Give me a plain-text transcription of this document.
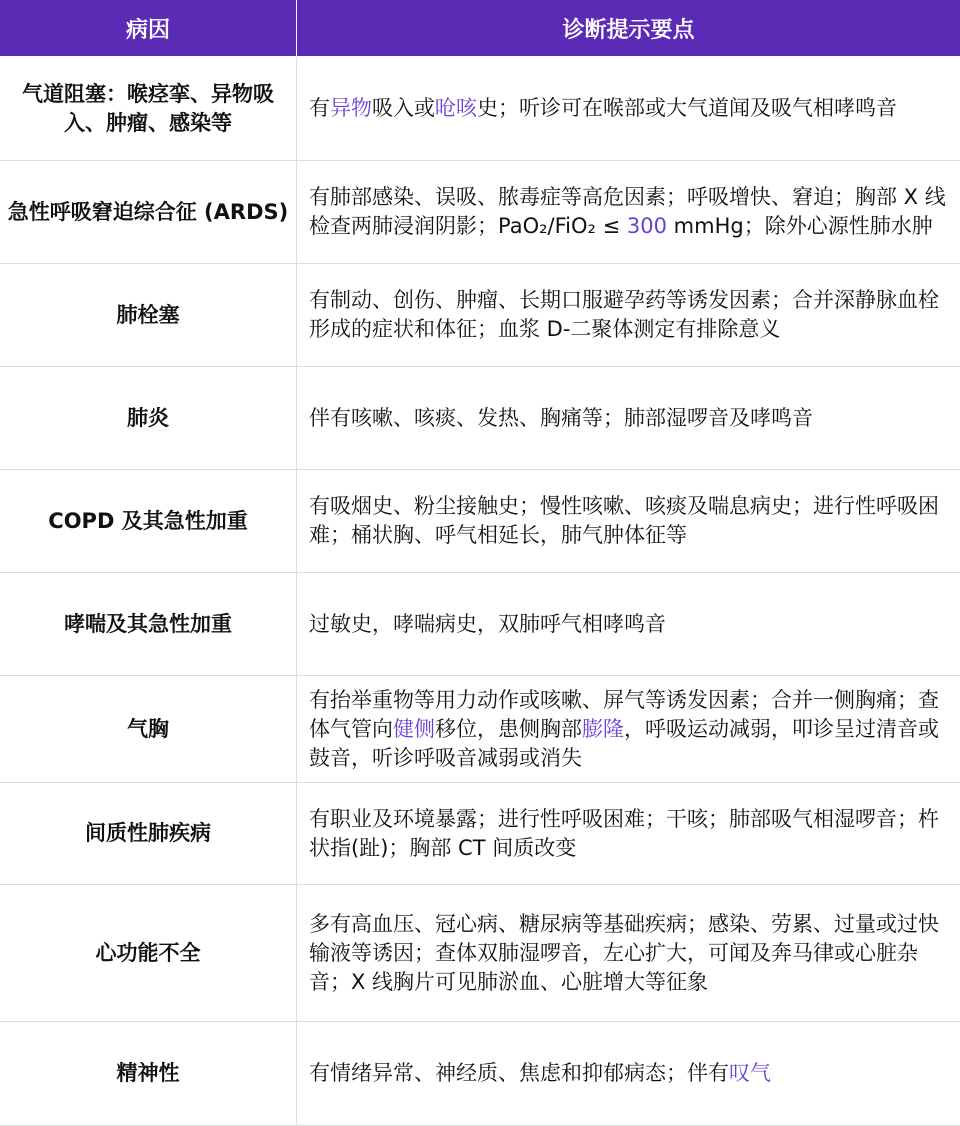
病因	诊断提示要点
气道阻塞：喉痉挛、异物吸入、肿瘤、感染等	有异物吸入或呛咳史；听诊可在喉部或大气道闻及吸气相哮鸣音
急性呼吸窘迫综合征 (ARDS)	有肺部感染、误吸、脓毒症等高危因素；呼吸增快、窘迫；胸部 X 线检查两肺浸润阴影；PaO₂/FiO₂ ≤ 300 mmHg；除外心源性肺水肿
肺栓塞	有制动、创伤、肿瘤、长期口服避孕药等诱发因素；合并深静脉血栓形成的症状和体征；血浆 D-二聚体测定有排除意义
肺炎	伴有咳嗽、咳痰、发热、胸痛等；肺部湿啰音及哮鸣音
COPD 及其急性加重	有吸烟史、粉尘接触史；慢性咳嗽、咳痰及喘息病史；进行性呼吸困难；桶状胸、呼气相延长，肺气肿体征等
哮喘及其急性加重	过敏史，哮喘病史，双肺呼气相哮鸣音
气胸	有抬举重物等用力动作或咳嗽、屏气等诱发因素；合并一侧胸痛；查体气管向健侧移位，患侧胸部膨隆，呼吸运动减弱，叩诊呈过清音或鼓音，听诊呼吸音减弱或消失
间质性肺疾病	有职业及环境暴露；进行性呼吸困难；干咳；肺部吸气相湿啰音；杵状指(趾)；胸部 CT 间质改变
心功能不全	多有高血压、冠心病、糖尿病等基础疾病；感染、劳累、过量或过快输液等诱因；查体双肺湿啰音，左心扩大，可闻及奔马律或心脏杂音；X 线胸片可见肺淤血、心脏增大等征象
精神性	有情绪异常、神经质、焦虑和抑郁病态；伴有叹气
